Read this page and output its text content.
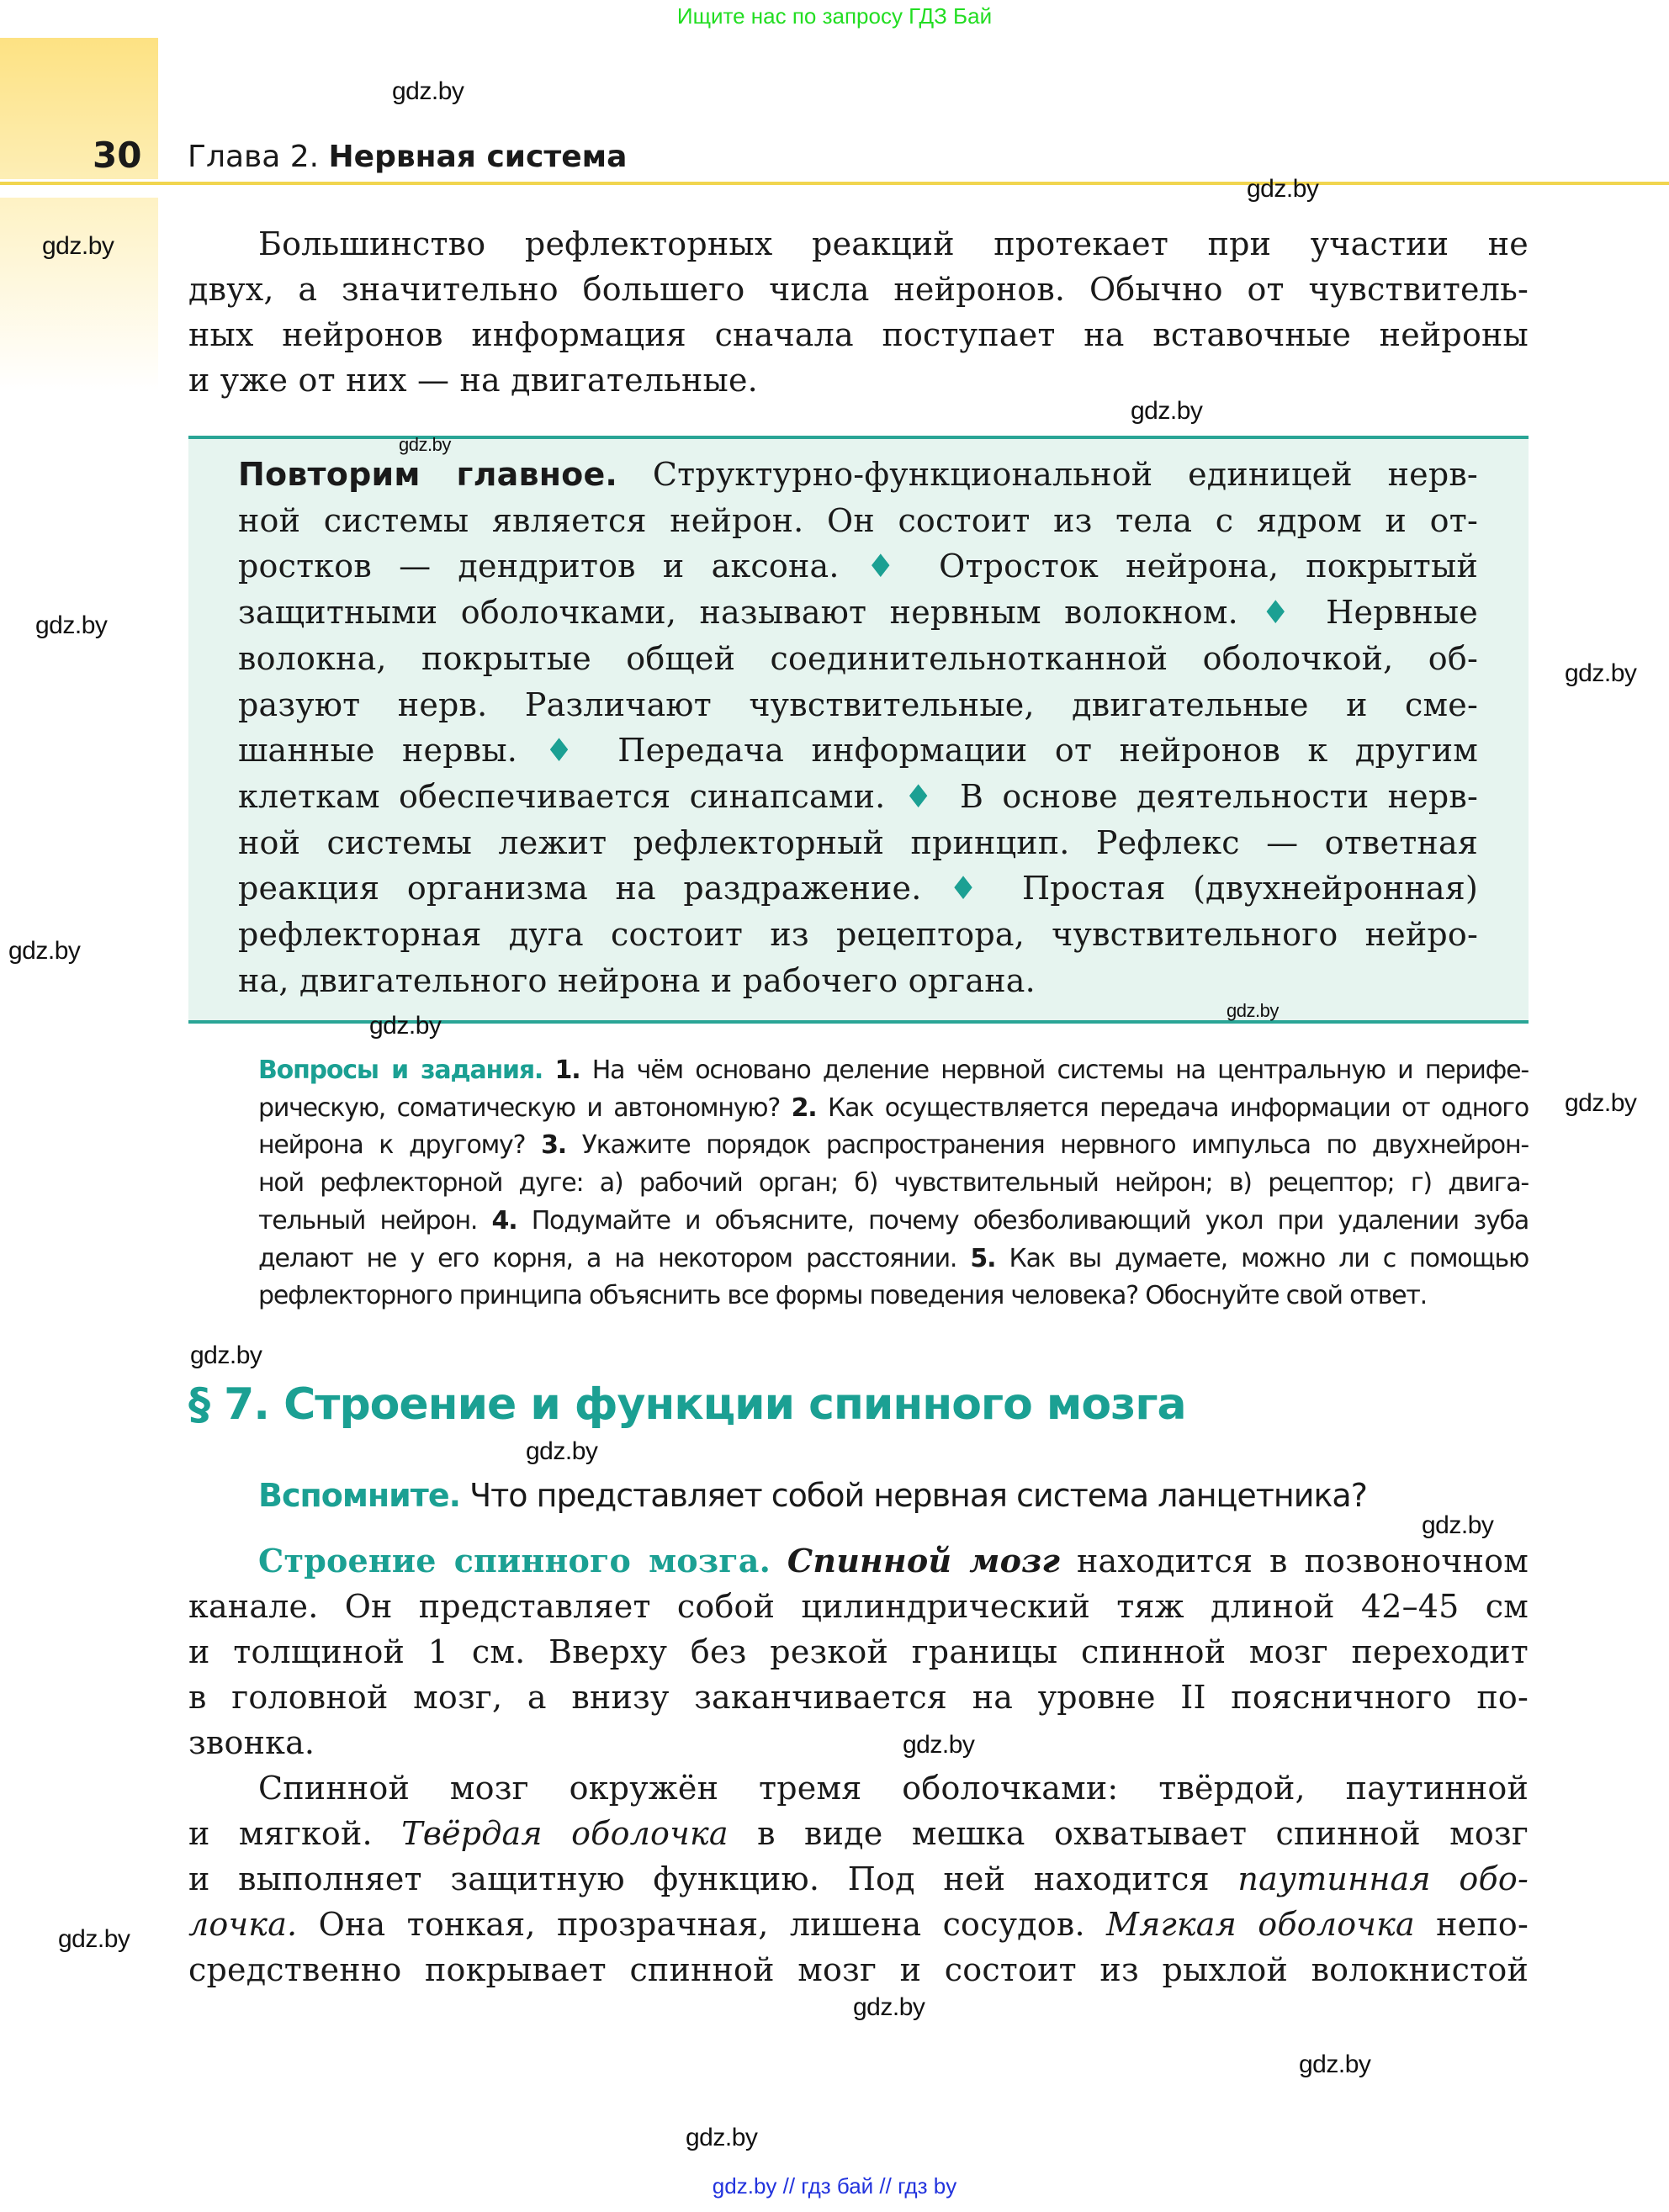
Ищите нас по запросу ГДЗ Бай
30 Глава 2. Нервная система
§ 7. Строение и функции спинного мозга
Вспомните. Что представляет собой нервная система ланцетника?
gdz.by // гдз бай // гдз by
Большинство рефлекторных реакций протекает при участии не
двух, а значительно большего числа нейронов. Обычно от чувствитель-
ных нейронов информация сначала поступает на вставочные нейроны
и уже от них — на двигательные.
Повторим главное. Структурно-функциональной единицей нерв-
ной системы является нейрон. Он состоит из тела с ядром и от-
ростков — дендритов и аксона. ♦ Отросток нейрона, покрытый
защитными оболочками, называют нервным волокном. ♦ Нервные
волокна, покрытые общей соединительнотканной оболочкой, об-
разуют нерв. Различают чувствительные, двигательные и сме-
шанные нервы. ♦ Передача информации от нейронов к другим
клеткам обеспечивается синапсами. ♦ В основе деятельности нерв-
ной системы лежит рефлекторный принцип. Рефлекс — ответная
реакция организма на раздражение. ♦ Простая (двухнейронная)
рефлекторная дуга состоит из рецептора, чувствительного нейро-
на, двигательного нейрона и рабочего органа.
Вопросы и задания. 1. На чём основано деление нервной системы на центральную и перифе-
рическую, соматическую и автономную? 2. Как осуществляется передача информации от одного
нейрона к другому? 3. Укажите порядок распространения нервного импульса по двухнейрон-
ной рефлекторной дуге: а) рабочий орган; б) чувствительный нейрон; в) рецептор; г) двига-
тельный нейрон. 4. Подумайте и объясните, почему обезболивающий укол при удалении зуба
делают не у его корня, а на некотором расстоянии. 5. Как вы думаете, можно ли с помощью
рефлекторного принципа объяснить все формы поведения человека? Обоснуйте свой ответ.
Строение спинного мозга. Спинной мозг находится в позвоночном
канале. Он представляет собой цилиндрический тяж длиной 42–45 см
и толщиной 1 см. Вверху без резкой границы спинной мозг переходит
в головной мозг, а внизу заканчивается на уровне II поясничного по-
звонка.
Спинной мозг окружён тремя оболочками: твёрдой, паутинной
и мягкой. Твёрдая оболочка в виде мешка охватывает спинной мозг
и выполняет защитную функцию. Под ней находится паутинная обо-
лочка. Она тонкая, прозрачная, лишена сосудов. Мягкая оболочка непо-
средственно покрывает спинной мозг и состоит из рыхлой волокнистой
gdz.by
gdz.by
gdz.by
gdz.by
gdz.by
gdz.by
gdz.by
gdz.by
gdz.by
gdz.by
gdz.by
gdz.by
gdz.by
gdz.by
gdz.by
gdz.by
gdz.by
gdz.by
gdz.by
